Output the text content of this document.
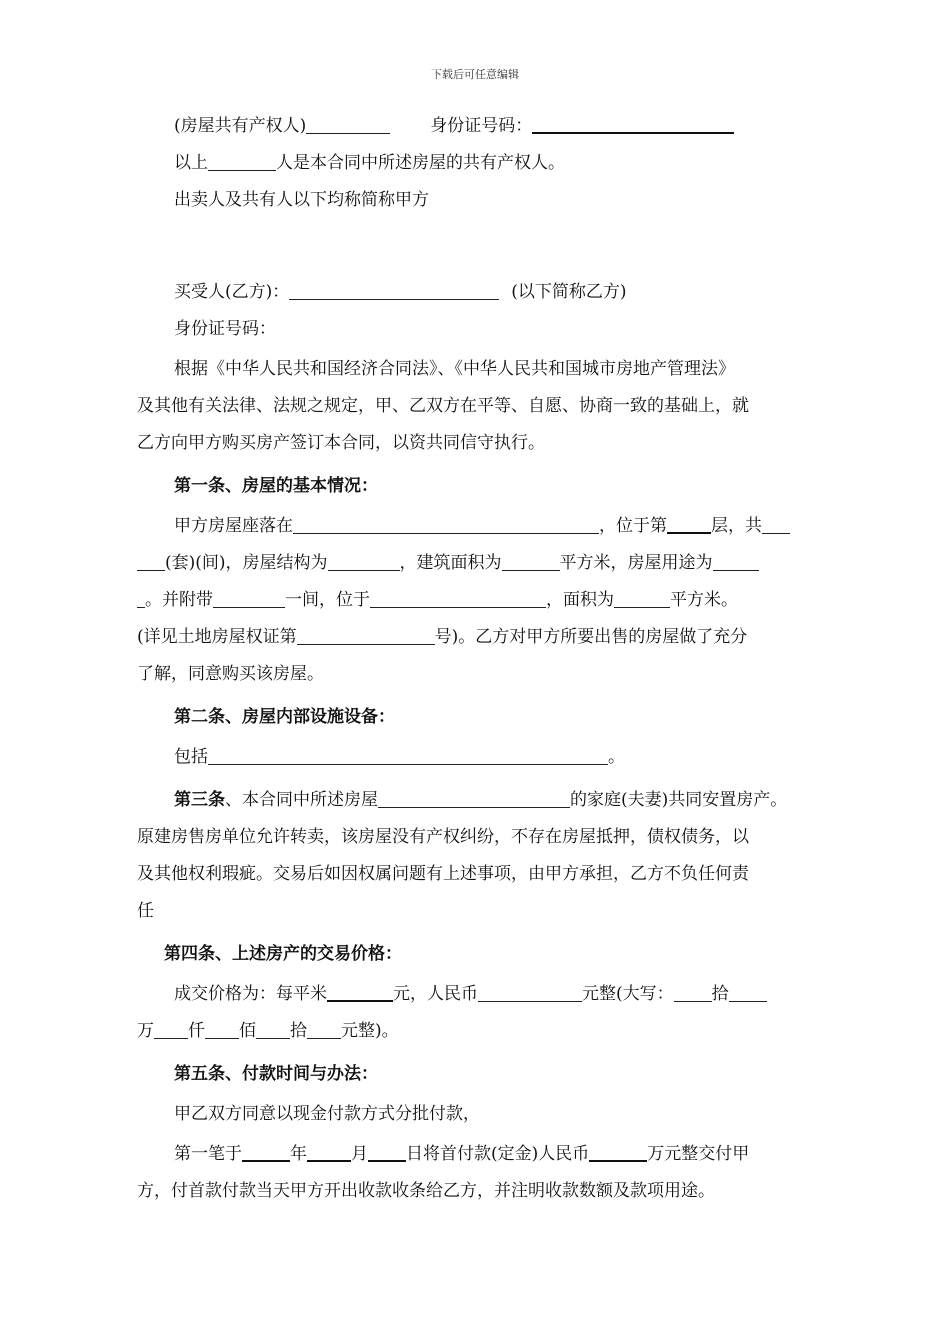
下载后可任意编辑
(房屋共有产权人)	身份证号码：
以上	人是本合同中所述房屋的共有产权人。
出卖人及共有人以下均称简称甲方
买受人(乙方)：	(以下简称乙方)
身份证号码：
根据《中华人民共和国经济合同法》、《中华人民共和国城市房地产管理法》
及其他有关法律、法规之规定，甲、乙双方在平等、自愿、协商一致的基础上，就
乙方向甲方购买房产签订本合同，以资共同信守执行。
第一条、房屋的基本情况：
甲方房屋座落在	，位于第	层，共
(套)(间)，房屋结构为	，建筑面积为	平方米，房屋用途为
。并附带	一间，位于	，面积为	平方米。
(详见土地房屋权证第	号)。乙方对甲方所要出售的房屋做了充分
了解，同意购买该房屋。
第二条、房屋内部设施设备：
包括	。
第三条、本合同中所述房屋	的家庭(夫妻)共同安置房产。
原建房售房单位允许转卖，该房屋没有产权纠纷，不存在房屋抵押，债权债务，以
及其他权利瑕疵。交易后如因权属问题有上述事项，由甲方承担，乙方不负任何责
任
第四条、上述房产的交易价格：
成交价格为：每平米	元，人民币	元整(大写： 拾
万 仟 佰 拾 元整)。
第五条、付款时间与办法：
甲乙双方同意以现金付款方式分批付款，
第一笔于	年	月 日将首付款(定金)人民币	万元整交付甲
方，付首款付款当天甲方开出收款收条给乙方，并注明收款数额及款项用途。
